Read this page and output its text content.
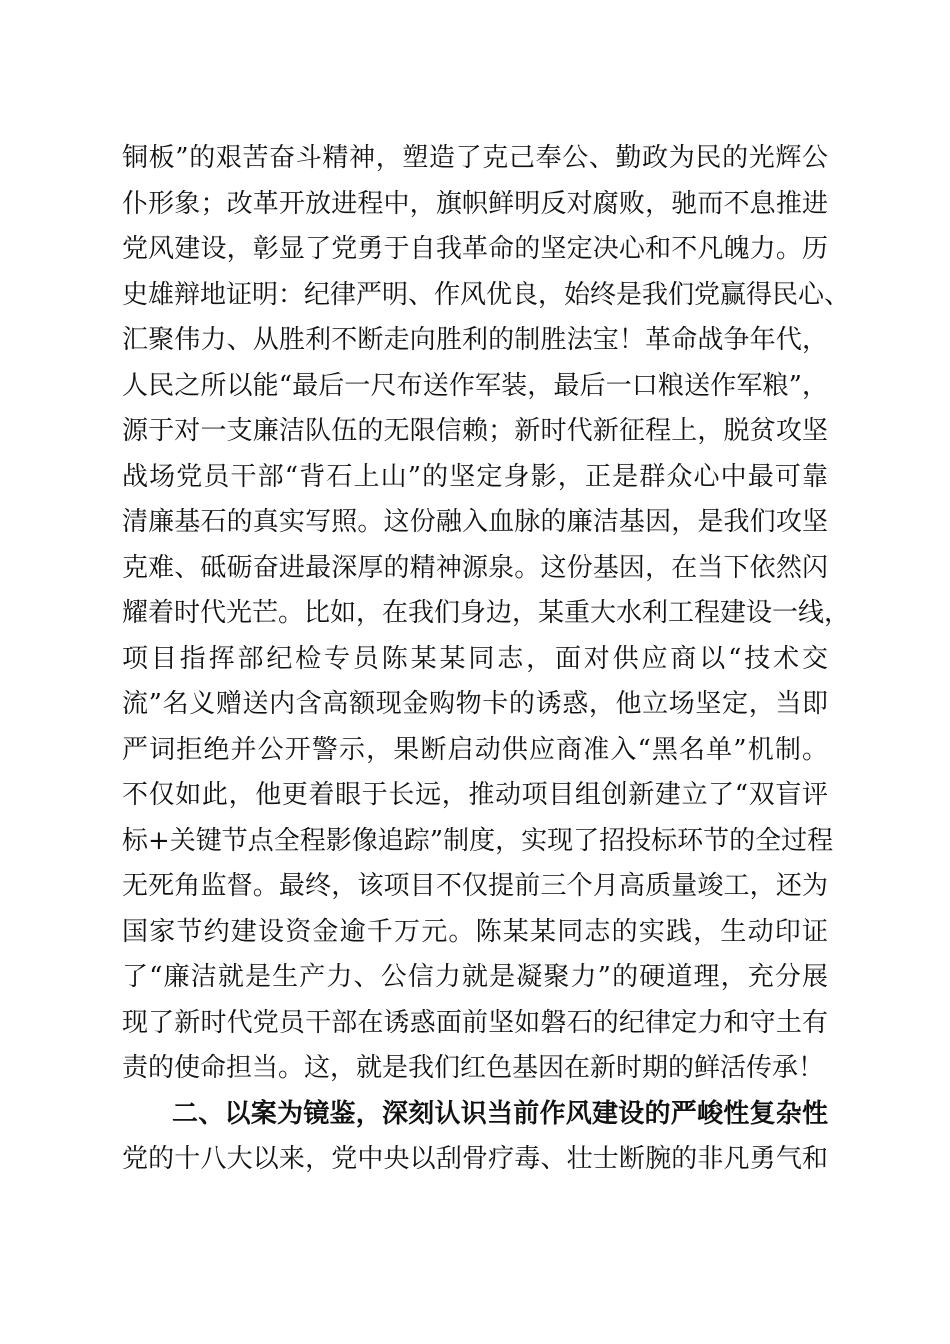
铜板”的艰苦奋斗精神，塑造了克己奉公、勤政为民的光辉公
仆形象；改革开放进程中，旗帜鲜明反对腐败，驰而不息推进
党风建设，彰显了党勇于自我革命的坚定决心和不凡魄力。历
史雄辩地证明：纪律严明、作风优良，始终是我们党赢得民心、
汇聚伟力、从胜利不断走向胜利的制胜法宝！革命战争年代，
人民之所以能“最后一尺布送作军装，最后一口粮送作军粮”，
源于对一支廉洁队伍的无限信赖；新时代新征程上，脱贫攻坚
战场党员干部“背石上山”的坚定身影，正是群众心中最可靠
清廉基石的真实写照。这份融入血脉的廉洁基因，是我们攻坚
克难、砥砺奋进最深厚的精神源泉。这份基因，在当下依然闪
耀着时代光芒。比如，在我们身边，某重大水利工程建设一线，
项目指挥部纪检专员陈某某同志，面对供应商以“技术交
流”名义赠送内含高额现金购物卡的诱惑，他立场坚定，当即
严词拒绝并公开警示，果断启动供应商准入“黑名单”机制。
不仅如此，他更着眼于长远，推动项目组创新建立了“双盲评
标+关键节点全程影像追踪”制度，实现了招投标环节的全过程
无死角监督。最终，该项目不仅提前三个月高质量竣工，还为
国家节约建设资金逾千万元。陈某某同志的实践，生动印证
了“廉洁就是生产力、公信力就是凝聚力”的硬道理，充分展
现了新时代党员干部在诱惑面前坚如磐石的纪律定力和守土有
责的使命担当。这，就是我们红色基因在新时期的鲜活传承！
二、以案为镜鉴，深刻认识当前作风建设的严峻性复杂性
党的十八大以来，党中央以刮骨疗毒、壮士断腕的非凡勇气和
